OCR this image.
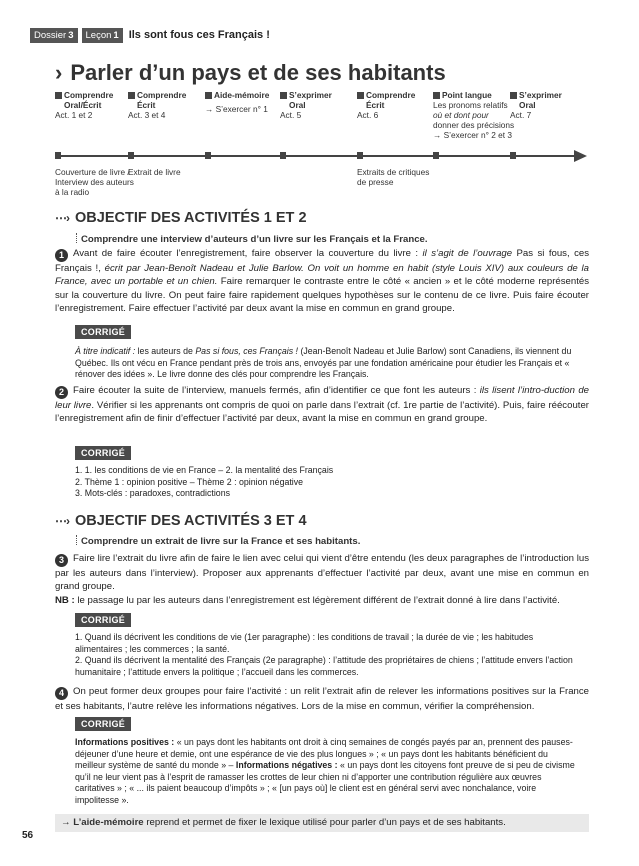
Dossier 3 Leçon 1 Ils sont fous ces Français !
› Parler d’un pays et de ses habitants
Comprendre
Oral/Écrit
Act. 1 et 2
Comprendre
Écrit
Act. 3 et 4
Aide-mémoire
→ S’exercer n° 1
S’exprimer
Oral
Act. 5
Comprendre
Écrit
Act. 6
Point langue
Les pronoms relatifs
où et dont pour
donner des précisions
→ S’exercer n° 2 et 3
S’exprimer
Oral
Act. 7
Couverture de livre /
Interview des auteurs
à la radio
Extrait de livre	Extraits de critiques
de presse
⋯› OBJECTIF DES ACTIVITÉS 1 ET 2
Comprendre une interview d’auteurs d’un livre sur les Français et la France.
1 Avant de faire écouter l’enregistrement, faire observer la couverture du livre : il s’agit de l’ouvrage Pas si fous, ces Français !, écrit par Jean-Benoît Nadeau et Julie Barlow. On voit un homme en habit (style Louis XIV) aux couleurs de la France, avec un portable et un chien. Faire remarquer le contraste entre le côté « ancien » et le côté moderne représentés sur la couverture du livre. On peut faire faire rapidement quelques hypothèses sur le contenu de ce livre. Puis faire écouter l’enregistrement. Faire effectuer l’activité par deux avant la mise en commun en grand groupe.
CORRIGÉ
À titre indicatif : les auteurs de Pas si fous, ces Français ! (Jean-Benoît Nadeau et Julie Barlow) sont Canadiens, ils viennent du Québec. Ils ont vécu en France pendant près de trois ans, envoyés par une fondation américaine pour étudier les Français et « rénover des idées ». Le livre donne des clés pour comprendre les Français.
2 Faire écouter la suite de l’interview, manuels fermés, afin d’identifier ce que font les auteurs : ils lisent l’intro-duction de leur livre. Vérifier si les apprenants ont compris de quoi on parle dans l’extrait (cf. 1re partie de l’activité). Puis, faire réécouter l’enregistrement afin de finir d’effectuer l’activité par deux, avant la mise en commun en grand groupe.
CORRIGÉ
1. 1. les conditions de vie en France – 2. la mentalité des Français
2. Thème 1 : opinion positive – Thème 2 : opinion négative
3. Mots-clés : paradoxes, contradictions
⋯› OBJECTIF DES ACTIVITÉS 3 ET 4
Comprendre un extrait de livre sur la France et ses habitants.
3 Faire lire l’extrait du livre afin de faire le lien avec celui qui vient d’être entendu (les deux paragraphes de l’introduction lus par les auteurs dans l’interview). Proposer aux apprenants d’effectuer l’activité par deux, avant une mise en commun en grand groupe.
NB : le passage lu par les auteurs dans l’enregistrement est légèrement différent de l’extrait donné à lire dans l’activité.
CORRIGÉ
1. Quand ils décrivent les conditions de vie (1er paragraphe) : les conditions de travail ; la durée de vie ; les habitudes alimentaires ; les commerces ; la santé.
2. Quand ils décrivent la mentalité des Français (2e paragraphe) : l’attitude des propriétaires de chiens ; l’attitude envers l’action humanitaire ; l’attitude envers la politique ; l’accueil dans les commerces.
4 On peut former deux groupes pour faire l’activité : un relit l’extrait afin de relever les informations positives sur la France et ses habitants, l’autre relève les informations négatives. Lors de la mise en commun, vérifier la compréhension.
CORRIGÉ
Informations positives : « un pays dont les habitants ont droit à cinq semaines de congés payés par an, prennent des pauses-déjeuner d’une heure et demie, ont une espérance de vie des plus longues » ; « un pays dont les habitants bénéficient du meilleur système de santé du monde » – Informations négatives : « un pays dont les citoyens font preuve de si peu de civisme qu’il ne leur vient pas à l’esprit de ramasser les crottes de leur chien ni d’apporter une contribution régulière aux œuvres caritatives » ; « ... ils paient beaucoup d’impôts » ; « [un pays où] le client est en général servi avec nonchalance, voire impolitesse ».
→ L’aide-mémoire reprend et permet de fixer le lexique utilisé pour parler d’un pays et de ses habitants.
56
